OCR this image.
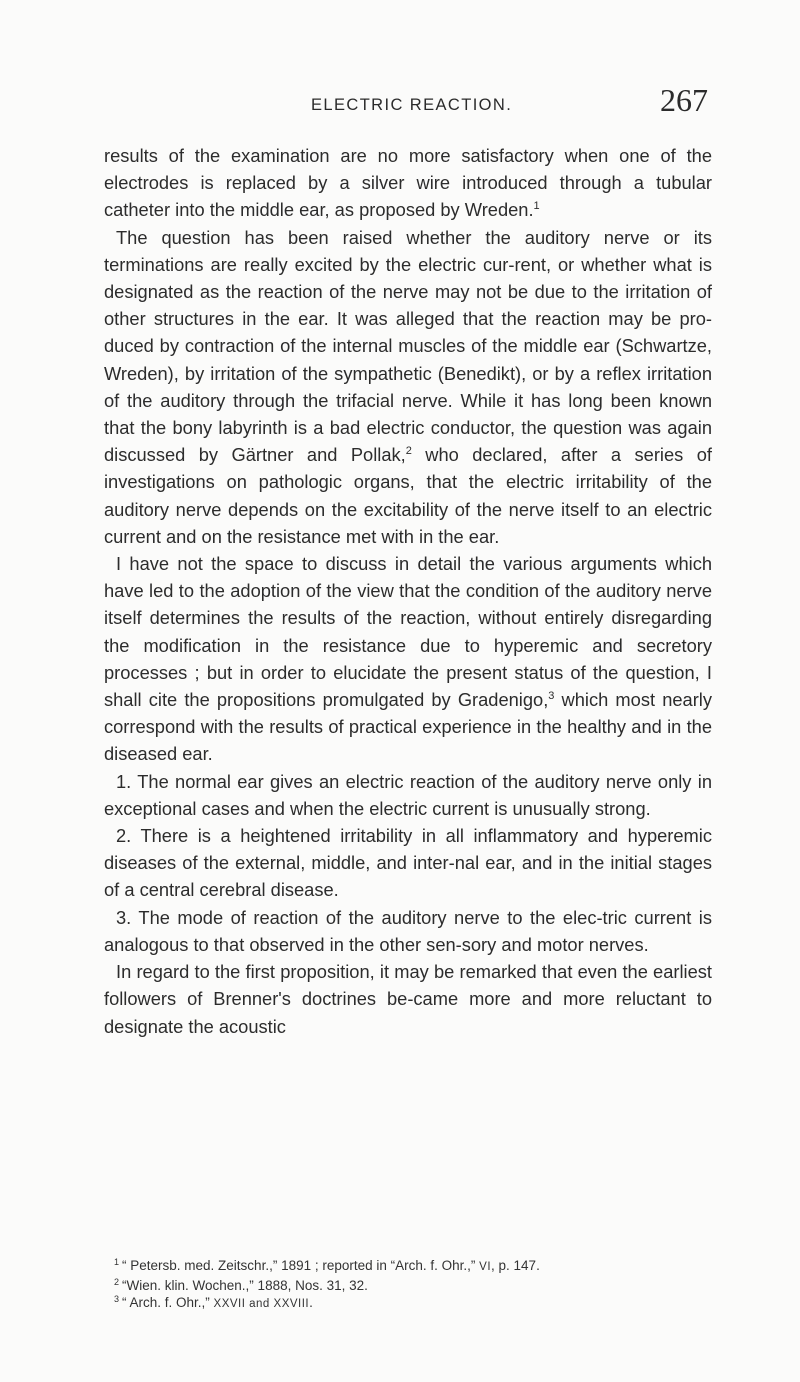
ELECTRIC REACTION.	267

results of the examination are no more satisfactory when one of the electrodes is replaced by a silver wire introduced through a tubular catheter into the middle ear, as proposed by Wreden.$^1$

The question has been raised whether the auditory nerve or its terminations are really excited by the electric cur-rent, or whether what is designated as the reaction of the nerve may not be due to the irritation of other structures in the ear. It was alleged that the reaction may be pro-duced by contraction of the internal muscles of the middle ear (Schwartze, Wreden), by irritation of the sympathetic (Benedikt), or by a reflex irritation of the auditory through the trifacial nerve. While it has long been known that the bony labyrinth is a bad electric conductor, the question was again discussed by Gärtner and Pollak,$^2$ who declared, after a series of investigations on pathologic organs, that the electric irritability of the auditory nerve depends on the excitability of the nerve itself to an electric current and on the resistance met with in the ear.

I have not the space to discuss in detail the various arguments which have led to the adoption of the view that the condition of the auditory nerve itself determines the results of the reaction, without entirely disregarding the modification in the resistance due to hyperemic and secretory processes ; but in order to elucidate the present status of the question, I shall cite the propositions promulgated by Gradenigo,$^3$ which most nearly correspond with the results of practical experience in the healthy and in the diseased ear.

1. The normal ear gives an electric reaction of the auditory nerve only in exceptional cases and when the electric current is unusually strong.

2. There is a heightened irritability in all inflammatory and hyperemic diseases of the external, middle, and inter-nal ear, and in the initial stages of a central cerebral disease.

3. The mode of reaction of the auditory nerve to the elec-tric current is analogous to that observed in the other sen-sory and motor nerves.

In regard to the first proposition, it may be remarked that even the earliest followers of Brenner's doctrines be-came more and more reluctant to designate the acoustic

$^1$ “ Petersb. med. Zeitschr.,” 1891 ; reported in “Arch. f. Ohr.,” VI, p. 147.

$^2$ “Wien. klin. Wochen.,” 1888, Nos. 31, 32.

$^3$ “ Arch. f. Ohr.,” XXVII and XXVIII.
